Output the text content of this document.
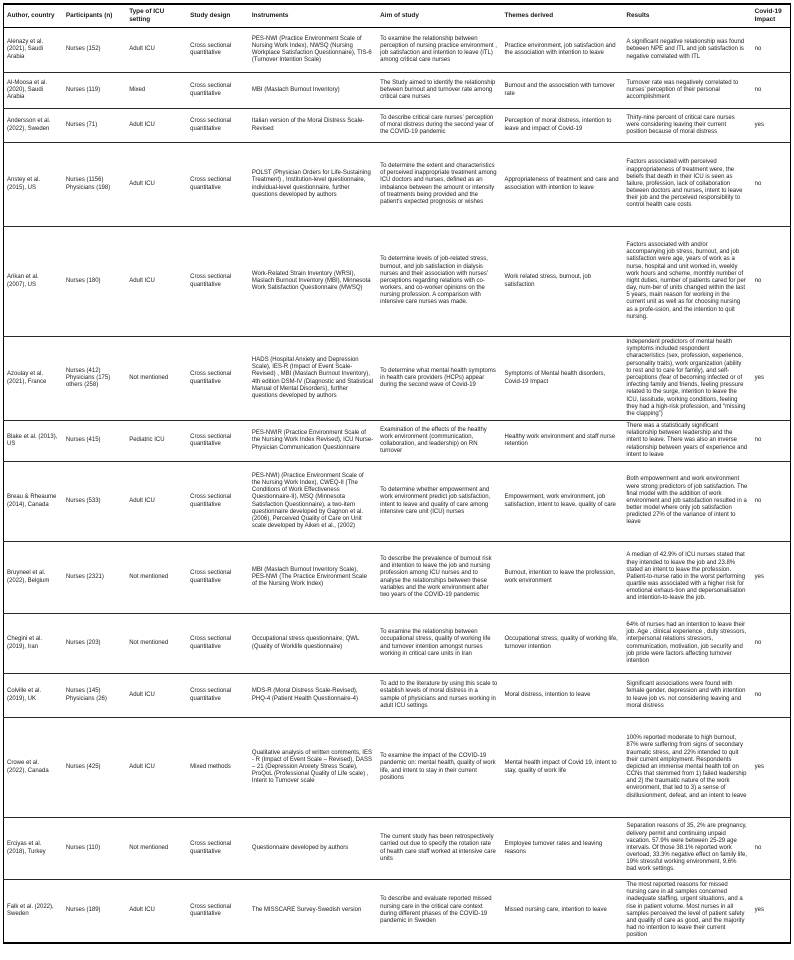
Author, country	Participants (n)	Type of ICU setting	Study design	Instruments	Aim of study	Themes derived	Results	Covid-19 Impact
Alenazy et al. (2021), Saudi Arabia	Nurses (152)	Adult ICU	Cross sectional quantitative	PES-NWI (Practice Environment Scale of Nursing Work Index), NWSQ (Nursing Workplace Satisfaction Questionnaire), TIS-6 (Turnover Intention Scale)	To examine the relationship between perception of nursing practice environment , job satisfaction and intention to leave (ITL) among critical care nurses	Practice environment, job satisfaction and the association with intention to leave	A significant negative relationship was found between NPE and ITL and job satisfaction is negative correlated with ITL	no
Al-Moosa et al. (2020), Saudi Arabia	Nurses (119)	Mixed	Cross sectional quantitative	MBI (Maslach Burnout Inventory)	The Study aimed to identify the relationship between burnout and turnover rate among critical care nurses	Burnout and the association with turnover rate	Turnover rate was negatively correlated to nurses’ perception of their personal accomplishment	no
Andersson et al. (2022), Sweden	Nurses (71)	Adult ICU	Cross sectional quantitative	Italian version of the Moral Distress Scale-Revised	To describe critical care nurses’ perception of moral distress during the second year of the COVID-19 pandemic	Perception of moral distress, intention to leave and impact of Covid-19	Thirty-nine percent of critical care nurses were considering leaving their current position because of moral distress	yes
Anstey et al. (2015), US	Nurses (1156) Physicians (198)	Adult ICU	Cross sectional quantitative	POLST (Physician Orders for Life-Sustaining Treatment) , Institution-level questionnaire, individual-level questionnaire, further questions developed by authors	To determine the extent and characteristics of perceived inappropriate treatment among ICU doctors and nurses, defined as an imbalance between the amount or intensity of treatments being provided and the patient’s expected prognosis or wishes	Appropriateness of treatment and care and association with intention to leave	Factors associated with perceived inappropriateness of treatment were, the beliefs that death in their ICU is seen as failure, profession, lack of collaboration between doctors and nurses, intent to leave their job and the perceived responsibility to control health care costs	no
Arikan et al. (2007), US	Nurses (180)	Adult ICU	Cross sectional quantitative	Work-Related Strain Inventory (WRSI), Maslach Burnout Inventory (MBI), Minnesota Work Satisfaction Questionnaire (MWSQ)	To determine levels of job-related stress, burnout, and job satisfaction in dialysis nurses and their association with nurses’ perceptions regarding relations with co-workers, and co-worker opinions on the nursing profession. A comparison with intensive care nurses was made.	Work related stress, burnout, job satisfaction	Factors associated with and/or accompanying job stress, burnout, and job satisfaction were age, years of work as a nurse, hospital and unit worked in, weekly work hours and scheme, monthly number of night duties, number of patients cared for per day, num-ber of units changed within the last 5 years, main reason for working in the current unit as well as for choosing nursing as a profe-ssion, and the intention to quit nursing.	no
Azoulay et al. (2021), France	Nurses (412) Physicians (175) others (258)	Not mentioned	Cross sectional quantitative	HADS (Hospital Anxiety and Depression Scale), IES-R (Impact of Event Scale-Revised) , MBI (Maslach Burnout Inventory), 4th edition DSM-IV (Diagnostic and Statistical Manual of Mental Disorders), further questions developed by authors	To determine what mental health symptoms in health care providers (HCPs) appear during the second wave of Covid-19	Symptoms of Mental health disorders, Covid-19 Impact	Independent predictors of mental health symptoms included respondent characteristics (sex, profession, experience, personality traits), work organization (ability to rest and to care for family), and self-perceptions (fear of becoming infected or of infecting family and friends, feeling pressure related to the surge, intention to leave the ICU, lassitude, working conditions, feeling they had a high-risk profession, and “missing the clapping”)	yes
Blake et al. (2013), US	Nurses (415)	Pediatric ICU	Cross sectional quantitative	PES-NWIR (Practice Environment Scale of the Nursing Work Index Revised), ICU Nurse-Physician Communication Questionnaire	Examination of the effects of the healthy work environment (communication, collaboration, and leadership) on RN turnover	Healthy work environment and staff nurse retention	There was a statistically significant relationship between leadership and the intent to leave. There was also an inverse relationship between years of experience and intent to leave	no
Breau & Rheaume (2014), Canada	Nurses (533)	Adult ICU	Cross sectional quantitative	PES-NWI) (Practice Environment Scale of the Nursing Work Index), CWEQ-II (The Conditions of Work Effectiveness Questionnaire-II), MSQ (Minnesota Satisfaction Questionnaire), a two-item questionnaire developed by Gagnon et al. (2006), Perceived Quality of Care on Unit scale developed by Aiken et al., (2002)	To determine whether empowerment and work environment predict job satisfaction, intent to leave and quality of care among intensive care unit (ICU) nurses	Empowerment, work environment, job satisfaction, intent to leave, quality of care	Both empowerment and work environment were strong predictors of job satisfaction. The final model with the addition of work environment and job satisfaction resulted in a better model where only job satisfaction predicted 27% of the variance of intent to leave	no
Bruyneel et al. (2022), Belgium	Nurses (2321)	Not mentioned	Cross sectional quantitative	MBI (Maslach Burnout Inventory Scale), PES-NWI (The Practice Environment Scale of the Nursing Work Index)	To describe the prevalence of burnout risk and intention to leave the job and nursing profession among ICU nurses and to analyse the relationships between these variables and the work environment after two years of the COVID-19 pandemic	Burnout, intention to leave the profession, work environment	A median of 42.9% of ICU nurses stated that they intended to leave the job and 23.8% stated an intent to leave the profession. Patient-to-nurse ratio in the worst performing quartile was associated with a higher risk for emotional exhaus-tion and depersonalisation and intention-to-leave the job.	yes
Chegini et al. (2019), Iran	Nurses (203)	Not mentioned	Cross sectional quantitative	Occupational stress questionnaire, QWL (Quality of Worklife questionnaire)	To examine the relationship between occupational stress, quality of working life and turnover intention amongst nurses working in critical care units in Iran	Occupational stress, quality of working life, turnover intention	64% of nurses had an intention to leave their job. Age , clinical experience , duty stressors, interpersonal relations stressors, communication, motivation, job security and job pride were factors affecting turnover intention	no
Colville et al. (2019), UK	Nurses (145) Physicians (26)	Adult ICU	Cross sectional quantitative	MDS-R (Moral Distress Scale-Revised), PHQ-4 (Patient Health Questionnaire-4)	To add to the literature by using this scale to establish levels of moral distress in a sample of physicians and nurses working in adult ICU settings	Moral distress, intention to leave	Significant associations were found with female gender, depression and with intention to leave job vs. not considering leaving and moral distress	no
Crowe et al. (2022), Canada	Nurses (425)	Adult ICU	Mixed methods	Qualitative analysis of written comments, IES - R (Impact of Event Scale – Revised), DASS – 21 (Depression Anxiety Stress Scale), ProQoL (Professional Quality of Life scale) , Intent to Turnover scale	To examine the impact of the COVID-19 pandemic on: mental health, quality of work life, and intent to stay in their current positions	Mental health impact of Covid 19, intent to stay, quality of work life	100% reported moderate to high burnout, 87% were suffering from signs of secondary traumatic stress, and 22% intended to quit their current employment. Respondents depicted an immense mental health toll on CCNs that stemmed from 1) failed leadership and 2) the traumatic nature of the work environment, that led to 3) a sense of disillusionment, defeat, and an intent to leave	yes
Erciyas et al. (2018), Turkey	Nurses (110)	Not mentioned	Cross sectional quantitative	Questionnaire developed by authors	The current study has been retrospectively carried out due to specify the rotation rate of health care staff worked at intensive care units	Employee turnover rates and leaving reasons	Separation reasons of 35, 2% are pregnancy, delivery permit and continuing unpaid vacation. 57.9% were between 25-29 age intervals. Of those 38.1% reported work overload, 33.3% negative effect on family life, 19% stressful working environment, 9.6% bad work settings.	no
Falk et al. (2022), Sweden	Nurses (189)	Adult ICU	Cross sectional quantitative	The MISSCARE Survey-Swedish version	To describe and evaluate reported missed nursing care in the critical care context during different phases of the COVID-19 pandemic in Sweden	Missed nursing care, intention to leave	The most reported reasons for missed nursing care in all samples concerned inadequate staffing, urgent situations, and a rise in patient volume. Most nurses in all samples perceived the level of patient safety and quality of care as good, and the majority had no intention to leave their current position	yes
